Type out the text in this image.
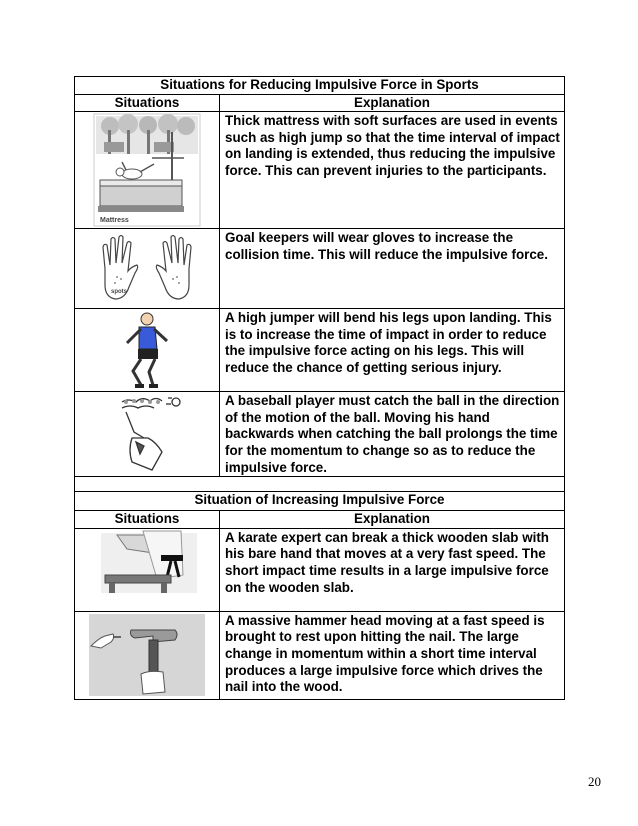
Situations for Reducing Impulsive Force in Sports	
Situations	Explanation

Mattress	Thick mattress with soft surfaces are used in events such as high jump so that the time interval of impact on landing is extended, thus reducing the impulsive force. This can prevent injuries to the participants.

spots	Goal keepers will wear gloves to increase the collision time. This will reduce the impulsive force.

	A high jumper will bend his legs upon landing. This is to increase the time of impact in order to reduce the impulsive force acting on his legs. This will reduce the chance of getting serious injury.

	A baseball player must catch the ball in the direction of the motion of the ball. Moving his hand backwards when catching the ball prolongs the time for the momentum to change so as to reduce the impulsive force.

Situation of Increasing Impulsive Force	
Situations	Explanation

	A karate expert can break a thick wooden slab with his bare hand that moves at a very fast speed. The short impact time results in a large impulsive force on the wooden slab.

	A massive hammer head moving at a fast speed is brought to rest upon hitting the nail. The large change in momentum within a short time interval produces a large impulsive force which drives the nail into the wood.
20
